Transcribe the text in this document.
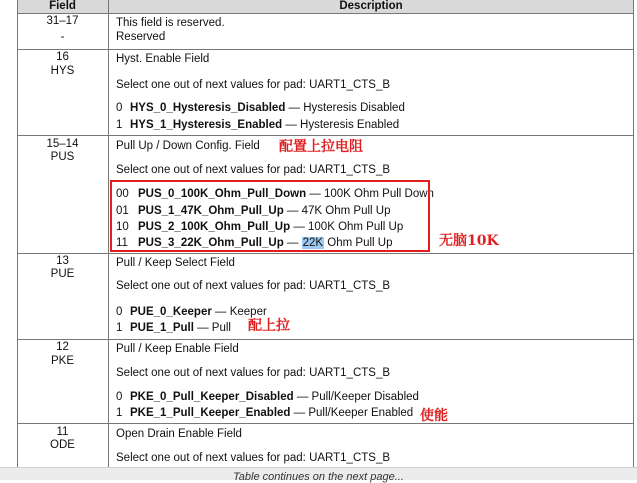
Field	Description
31–17
-
This field is reserved.
Reserved
16
HYS
Hyst. Enable Field
Select one out of next values for pad: UART1_CTS_B
0 HYS_0_Hysteresis_Disabled — Hysteresis Disabled
1 HYS_1_Hysteresis_Enabled — Hysteresis Enabled
15–14
PUS
Pull Up / Down Config. Field
Select one out of next values for pad: UART1_CTS_B
00 PUS_0_100K_Ohm_Pull_Down — 100K Ohm Pull Down
01 PUS_1_47K_Ohm_Pull_Up — 47K Ohm Pull Up
10 PUS_2_100K_Ohm_Pull_Up — 100K Ohm Pull Up
11 PUS_3_22K_Ohm_Pull_Up — 22K Ohm Pull Up
配置上拉电阻
无脑10K
13
PUE
Pull / Keep Select Field
Select one out of next values for pad: UART1_CTS_B
0 PUE_0_Keeper — Keeper
1 PUE_1_Pull — Pull 配上拉
12
PKE
Pull / Keep Enable Field
Select one out of next values for pad: UART1_CTS_B
0 PKE_0_Pull_Keeper_Disabled — Pull/Keeper Disabled
1 PKE_1_Pull_Keeper_Enabled — Pull/Keeper Enabled 使能
11
ODE
Open Drain Enable Field
Select one out of next values for pad: UART1_CTS_B
Table continues on the next page...
